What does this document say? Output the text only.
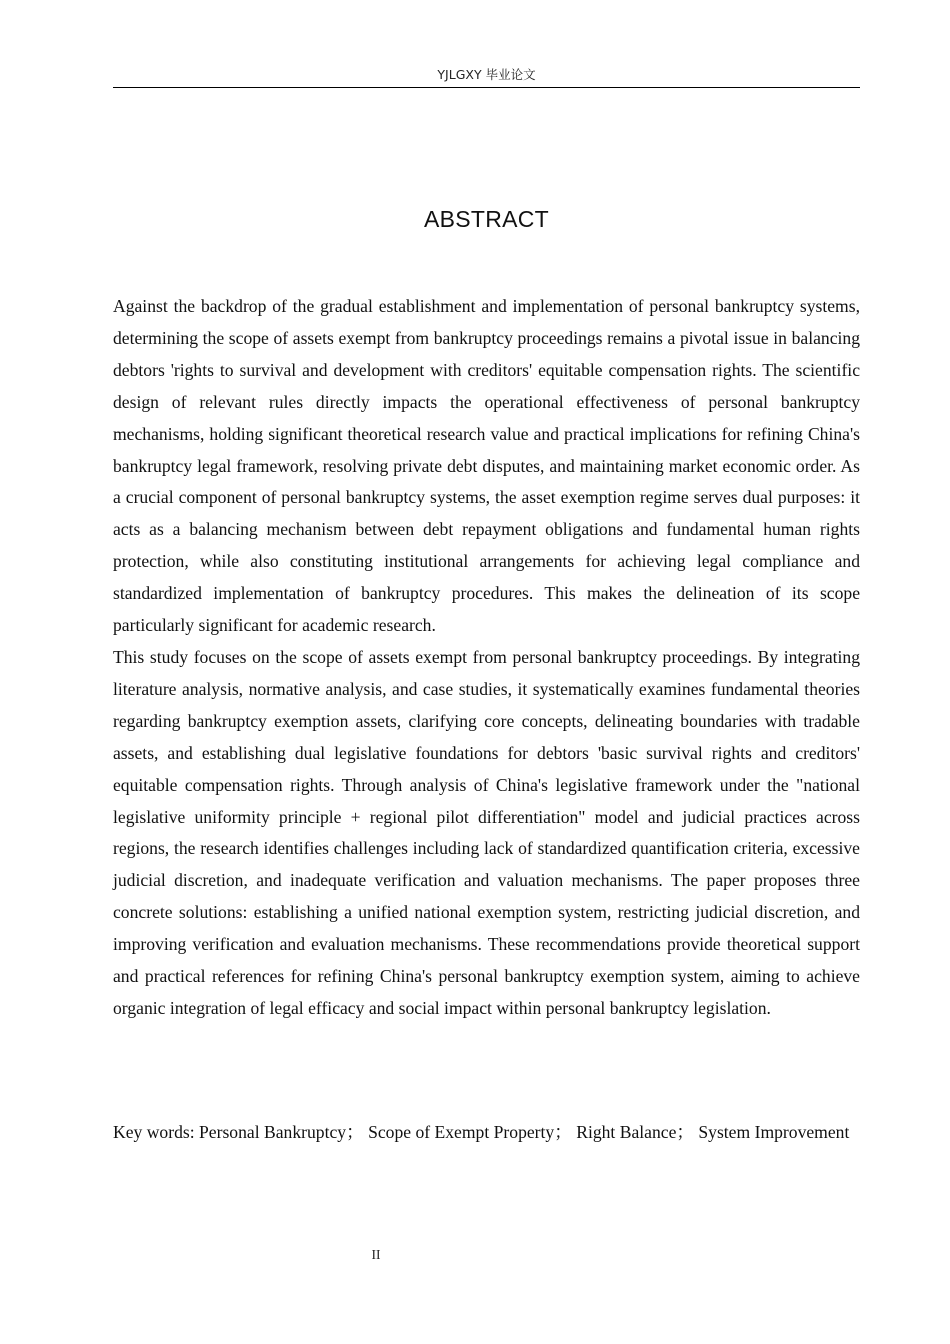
YJLGXY 毕业论文
ABSTRACT

Against the backdrop of the gradual establishment and implementation of personal bankruptcy systems, determining the scope of assets exempt from bankruptcy proceedings remains a pivotal issue in balancing debtors 'rights to survival and development with creditors' equitable compensation rights. The scientific design of relevant rules directly impacts the operational effectiveness of personal bankruptcy mechanisms, holding significant theoretical research value and practical implications for refining China's bankruptcy legal framework, resolving private debt disputes, and maintaining market economic order. As a crucial component of personal bankruptcy systems, the asset exemption regime serves dual purposes: it acts as a balancing mechanism between debt repayment obligations and fundamental human rights protection, while also constituting institutional arrangements for achieving legal compliance and standardized implementation of bankruptcy procedures. This makes the delineation of its scope particularly significant for academic research.

This study focuses on the scope of assets exempt from personal bankruptcy proceedings. By integrating literature analysis, normative analysis, and case studies, it systematically examines fundamental theories regarding bankruptcy exemption assets, clarifying core concepts, delineating boundaries with tradable assets, and establishing dual legislative foundations for debtors 'basic survival rights and creditors' equitable compensation rights. Through analysis of China's legislative framework under the "national legislative uniformity principle + regional pilot differentiation" model and judicial practices across regions, the research identifies challenges including lack of standardized quantification criteria, excessive judicial discretion, and inadequate verification and valuation mechanisms. The paper proposes three concrete solutions: establishing a unified national exemption system, restricting judicial discretion, and improving verification and evaluation mechanisms. These recommendations provide theoretical support and practical references for refining China's personal bankruptcy exemption system, aiming to achieve organic integration of legal efficacy and social impact within personal bankruptcy legislation.

Key words: Personal Bankruptcy； Scope of Exempt Property； Right Balance； System Improvement
II
